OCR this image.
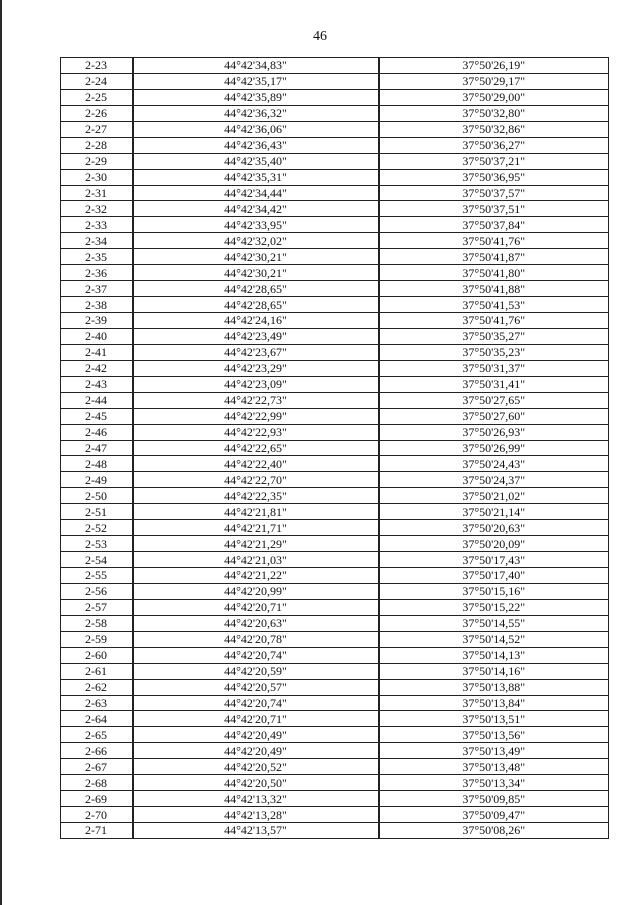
46
2-23	44°42'34,83"	37°50'26,19"
2-24	44°42'35,17"	37°50'29,17"
2-25	44°42'35,89"	37°50'29,00"
2-26	44°42'36,32"	37°50'32,80"
2-27	44°42'36,06"	37°50'32,86"
2-28	44°42'36,43"	37°50'36,27"
2-29	44°42'35,40"	37°50'37,21"
2-30	44°42'35,31"	37°50'36,95"
2-31	44°42'34,44"	37°50'37,57"
2-32	44°42'34,42"	37°50'37,51"
2-33	44°42'33,95"	37°50'37,84"
2-34	44°42'32,02"	37°50'41,76"
2-35	44°42'30,21"	37°50'41,87"
2-36	44°42'30,21"	37°50'41,80"
2-37	44°42'28,65"	37°50'41,88"
2-38	44°42'28,65"	37°50'41,53"
2-39	44°42'24,16"	37°50'41,76"
2-40	44°42'23,49"	37°50'35,27"
2-41	44°42'23,67"	37°50'35,23"
2-42	44°42'23,29"	37°50'31,37"
2-43	44°42'23,09"	37°50'31,41"
2-44	44°42'22,73"	37°50'27,65"
2-45	44°42'22,99"	37°50'27,60"
2-46	44°42'22,93"	37°50'26,93"
2-47	44°42'22,65"	37°50'26,99"
2-48	44°42'22,40"	37°50'24,43"
2-49	44°42'22,70"	37°50'24,37"
2-50	44°42'22,35"	37°50'21,02"
2-51	44°42'21,81"	37°50'21,14"
2-52	44°42'21,71"	37°50'20,63"
2-53	44°42'21,29"	37°50'20,09"
2-54	44°42'21,03"	37°50'17,43"
2-55	44°42'21,22"	37°50'17,40"
2-56	44°42'20,99"	37°50'15,16"
2-57	44°42'20,71"	37°50'15,22"
2-58	44°42'20,63"	37°50'14,55"
2-59	44°42'20,78"	37°50'14,52"
2-60	44°42'20,74"	37°50'14,13"
2-61	44°42'20,59"	37°50'14,16"
2-62	44°42'20,57"	37°50'13,88"
2-63	44°42'20,74"	37°50'13,84"
2-64	44°42'20,71"	37°50'13,51"
2-65	44°42'20,49"	37°50'13,56"
2-66	44°42'20,49"	37°50'13,49"
2-67	44°42'20,52"	37°50'13,48"
2-68	44°42'20,50"	37°50'13,34"
2-69	44°42'13,32"	37°50'09,85"
2-70	44°42'13,28"	37°50'09,47"
2-71	44°42'13,57"	37°50'08,26"
